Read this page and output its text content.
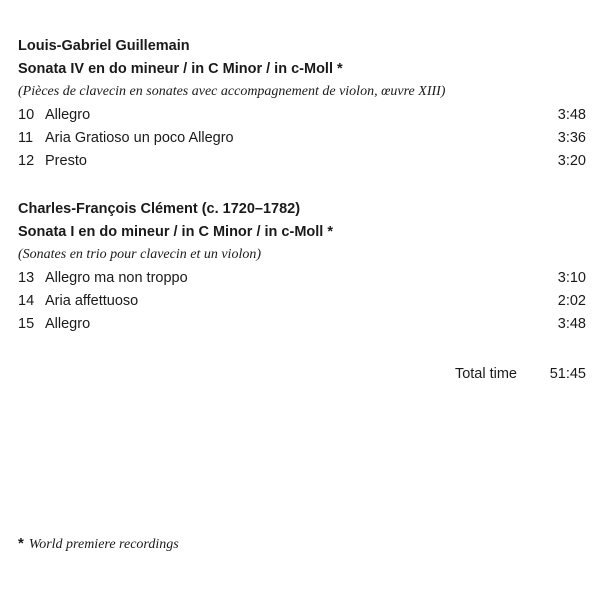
Louis-Gabriel Guillemain
Sonata IV en do mineur / in C Minor / in c-Moll *
(Pièces de clavecin en sonates avec accompagnement de violon, œuvre XIII)
10 Allegro	3:48
11 Aria Gratioso un poco Allegro	3:36
12 Presto	3:20
Charles-François Clément (c. 1720–1782)
Sonata I en do mineur / in C Minor / in c-Moll *
(Sonates en trio pour clavecin et un violon)
13 Allegro ma non troppo	3:10
14 Aria affettuoso	2:02
15 Allegro	3:48
Total time 51:45
* World premiere recordings
